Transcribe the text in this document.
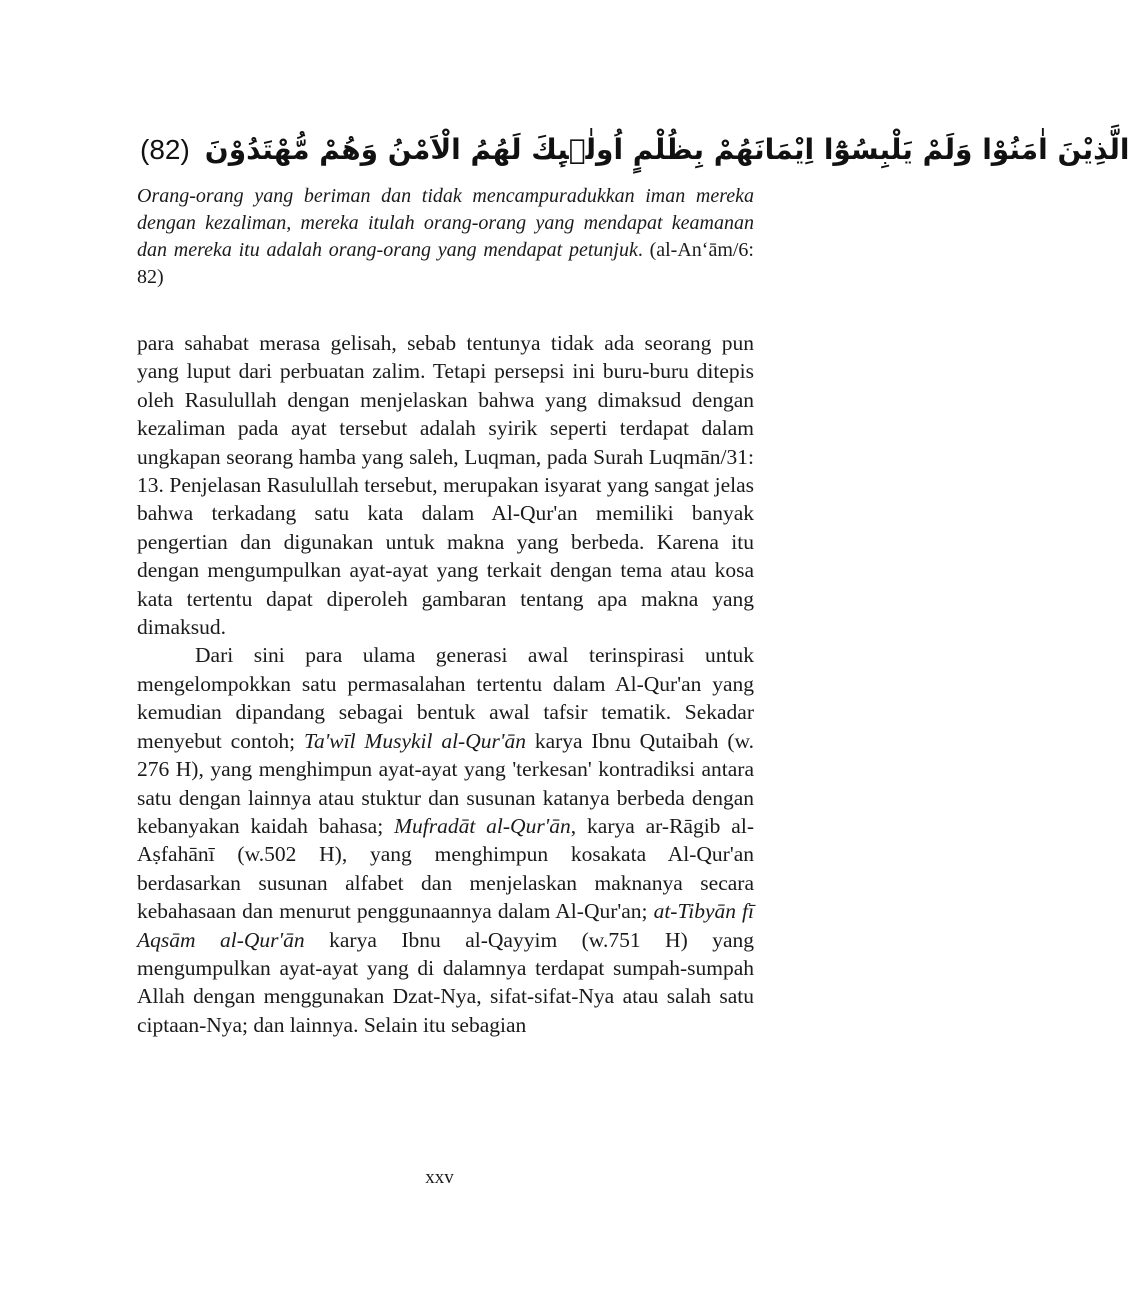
(82) الَّذِيْنَ اٰمَنُوْا وَلَمْ يَلْبِسُوْٓا اِيْمَانَهُمْ بِظُلْمٍ اُولٰۤىِٕكَ لَهُمُ الْاَمْنُ وَهُمْ مُّهْتَدُوْنَ

Orang-orang yang beriman dan tidak mencampuradukkan iman mereka dengan kezaliman, mereka itulah orang-orang yang mendapat keamanan dan mereka itu adalah orang-orang yang mendapat petunjuk. (al-An‘ām/6: 82)

para sahabat merasa gelisah, sebab tentunya tidak ada seorang pun yang luput dari perbuatan zalim. Tetapi persepsi ini buru-buru ditepis oleh Rasulullah dengan menjelaskan bahwa yang dimaksud dengan kezaliman pada ayat tersebut adalah syirik seperti terdapat dalam ungkapan seorang hamba yang saleh, Luqman, pada Surah Luqmān/31: 13. Penjelasan Rasulullah tersebut, merupakan isyarat yang sangat jelas bahwa terkadang satu kata dalam Al-Qur'an memiliki banyak pengertian dan digunakan untuk makna yang berbeda. Karena itu dengan mengumpulkan ayat-ayat yang terkait dengan tema atau kosa kata tertentu dapat diperoleh gambaran tentang apa makna yang dimaksud.

Dari sini para ulama generasi awal terinspirasi untuk mengelompokkan satu permasalahan tertentu dalam Al-Qur'an yang kemudian dipandang sebagai bentuk awal tafsir tematik. Sekadar menyebut contoh; Ta'wīl Musykil al-Qur'ān karya Ibnu Qutaibah (w. 276 H), yang menghimpun ayat-ayat yang 'terkesan' kontradiksi antara satu dengan lainnya atau stuktur dan susunan katanya berbeda dengan kebanyakan kaidah bahasa; Mufradāt al-Qur'ān, karya ar-Rāgib al-Aṣfahānī (w.502 H), yang menghimpun kosakata Al-Qur'an berdasarkan susunan alfabet dan menjelaskan maknanya secara kebahasaan dan menurut penggunaannya dalam Al-Qur'an; at-Tibyān fī Aqsām al-Qur'ān karya Ibnu al-Qayyim (w.751 H) yang mengumpulkan ayat-ayat yang di dalamnya terdapat sumpah-sumpah Allah dengan menggunakan Dzat-Nya, sifat-sifat-Nya atau salah satu ciptaan-Nya; dan lainnya. Selain itu sebagian

xxv
